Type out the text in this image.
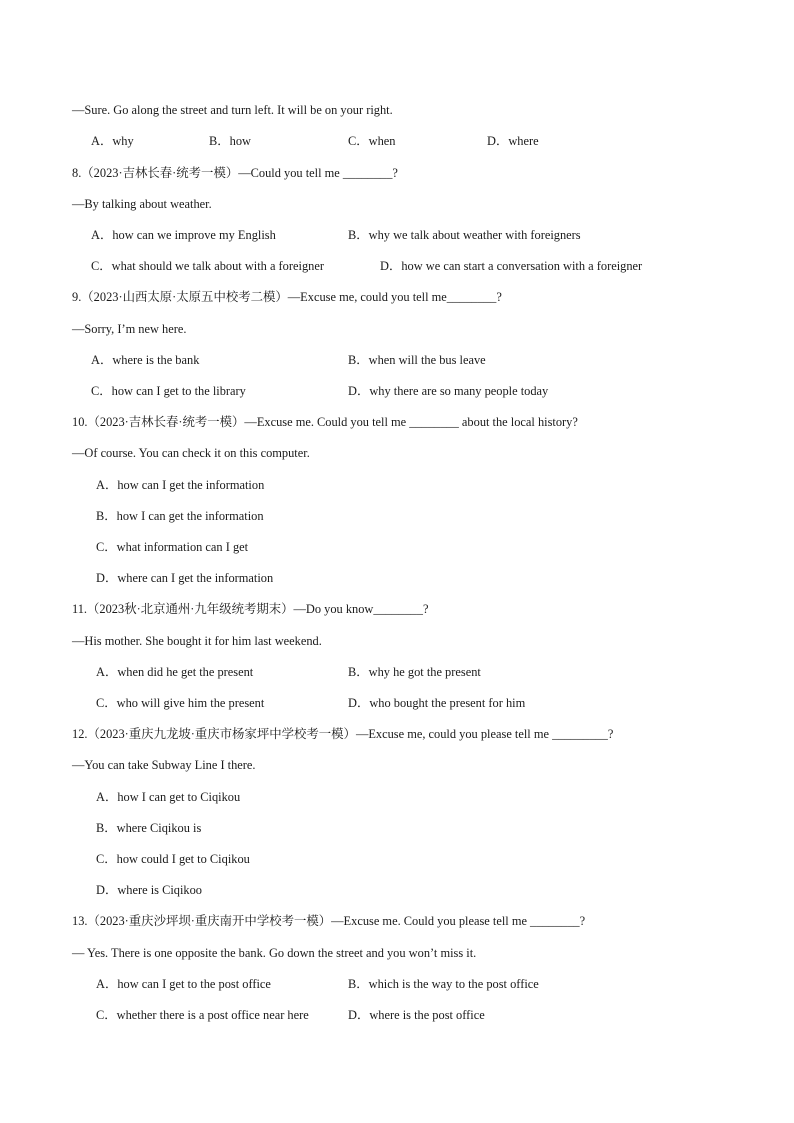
—Sure. Go along the street and turn left. It will be on your right.
A．why	B．how	C．when	D．where
8.（2023·吉林长春·统考一模）—Could you tell me ________?
—By talking about weather.
A．how can we improve my English	B．why we talk about weather with foreigners
C．what should we talk about with a foreigner	D．how we can start a conversation with a foreigner
9.（2023·山西太原·太原五中校考二模）—Excuse me, could you tell me________?
—Sorry, I’m new here.
A．where is the bank	B．when will the bus leave
C．how can I get to the library	D．why there are so many people today
10.（2023·吉林长春·统考一模）—Excuse me. Could you tell me ________ about the local history?
—Of course. You can check it on this computer.
A．how can I get the information
B．how I can get the information
C．what information can I get
D．where can I get the information
11.（2023秋·北京通州·九年级统考期末）—Do you know________?
—His mother. She bought it for him last weekend.
A．when did he get the present	B．why he got the present
C．who will give him the present	D．who bought the present for him
12.（2023·重庆九龙坡·重庆市杨家坪中学校考一模）—Excuse me, could you please tell me _________?
—You can take Subway Line I there.
A．how I can get to Ciqikou
B．where Ciqikou is
C．how could I get to Ciqikou
D．where is Ciqikoo
13.（2023·重庆沙坪坝·重庆南开中学校考一模）—Excuse me. Could you please tell me ________?
— Yes. There is one opposite the bank. Go down the street and you won’t miss it.
A．how can I get to the post office	B．which is the way to the post office
C．whether there is a post office near here	D．where is the post office
